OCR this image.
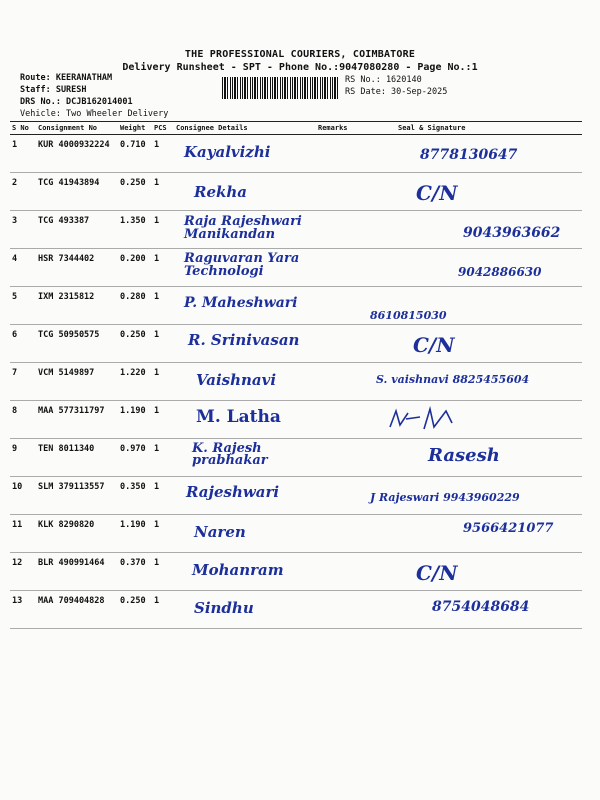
THE PROFESSIONAL COURIERS, COIMBATORE
Delivery Runsheet - SPT - Phone No.:9047080280 - Page No.:1
Route: KEERANATHAM
Staff: SURESH
DRS No.: DCJB162014001
Vehicle: Two Wheeler Delivery
RS No.: 1620140
RS Date: 30-Sep-2025
S No	Consignment No	Weight	PCS	Consignee Details	Remarks	Seal & Signature
1	KUR 4000932224	0.710	1	Kayalvizhi		8778130647

2	TCG 41943894	0.250	1	Rekha		C/N

3	TCG 493387	1.350	1	Raja Rajeshwari Manikandan		9043963662

4	HSR 7344402	0.200	1	Raguvaran Yara Technologi		9042886630

5	IXM 2315812	0.280	1	P. Maheshwari		8610815030

6	TCG 50950575	0.250	1	R. Srinivasan		C/N

7	VCM 5149897	1.220	1	Vaishnavi		S. vaishnavi 8825455604

8	MAA 577311797	1.190	1	M. Latha

9	TEN 8011340	0.970	1	K. Rajesh prabhakar		Rasesh

10	SLM 379113557	0.350	1	Rajeshwari		J Rajeswari 9943960229

11	KLK 8290820	1.190	1	Naren		9566421077

12	BLR 490991464	0.370	1	Mohanram		C/N

13	MAA 709404828	0.250	1	Sindhu		8754048684
